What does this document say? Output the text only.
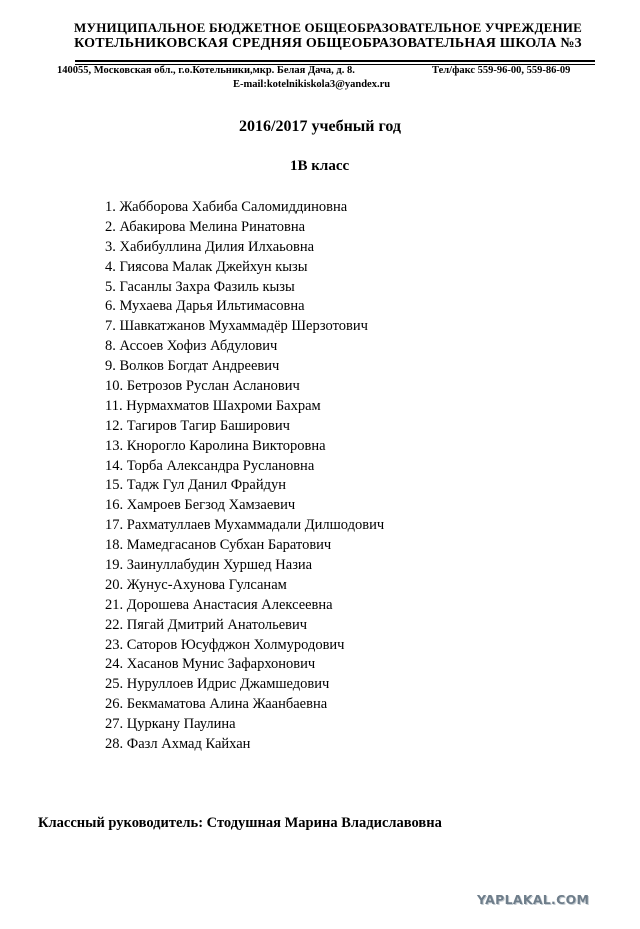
МУНИЦИПАЛЬНОЕ БЮДЖЕТНОЕ ОБЩЕОБРАЗОВАТЕЛЬНОЕ УЧРЕЖДЕНИЕ
КОТЕЛЬНИКОВСКАЯ СРЕДНЯЯ ОБЩЕОБРАЗОВАТЕЛЬНАЯ ШКОЛА №3
140055, Московская обл., г.о.Котельники,мкр. Белая Дача, д. 8.	Тел/факс 559-96-00, 559-86-09
E-mail:kotelnikiskola3@yandex.ru
2016/2017 учебный год
1В класс
1. Жабборова Хабиба Саломиддиновна
2. Абакирова Мелина Ринатовна
3. Хабибуллина Дилия Илхаьовна
4. Гиясова Малак Джейхун кызы
5. Гасанлы Захра Фазиль кызы
6. Мухаева Дарья Ильтимасовна
7. Шавкатжанов Мухаммадёр Шерзотович
8. Ассоев Хофиз Абдулович
9. Волков Богдат Андреевич
10. Бетрозов Руслан Асланович
11. Нурмахматов Шахроми Бахрам
12. Тагиров Тагир Баширович
13. Кнорогло Каролина Викторовна
14. Торба Александра Руслановна
15. Тадж Гул Данил Фрайдун
16. Хамроев Бегзод Хамзаевич
17. Рахматуллаев Мухаммадали Дилшодович
18. Мамедгасанов Субхан Баратович
19. Заинуллабудин Хуршед Назиа
20. Жунус-Ахунова Гулсанам
21. Дорошева Анастасия Алексеевна
22. Пягай Дмитрий Анатольевич
23. Саторов Юсуфджон Холмуродович
24. Хасанов Мунис Зафархонович
25. Нуруллоев Идрис Джамшедович
26. Бекмаматова Алина Жаанбаевна
27. Цуркану Паулина
28. Фазл Ахмад Кайхан
Классный руководитель: Стодушная Марина Владиславовна
YAPLAKAL.COM
